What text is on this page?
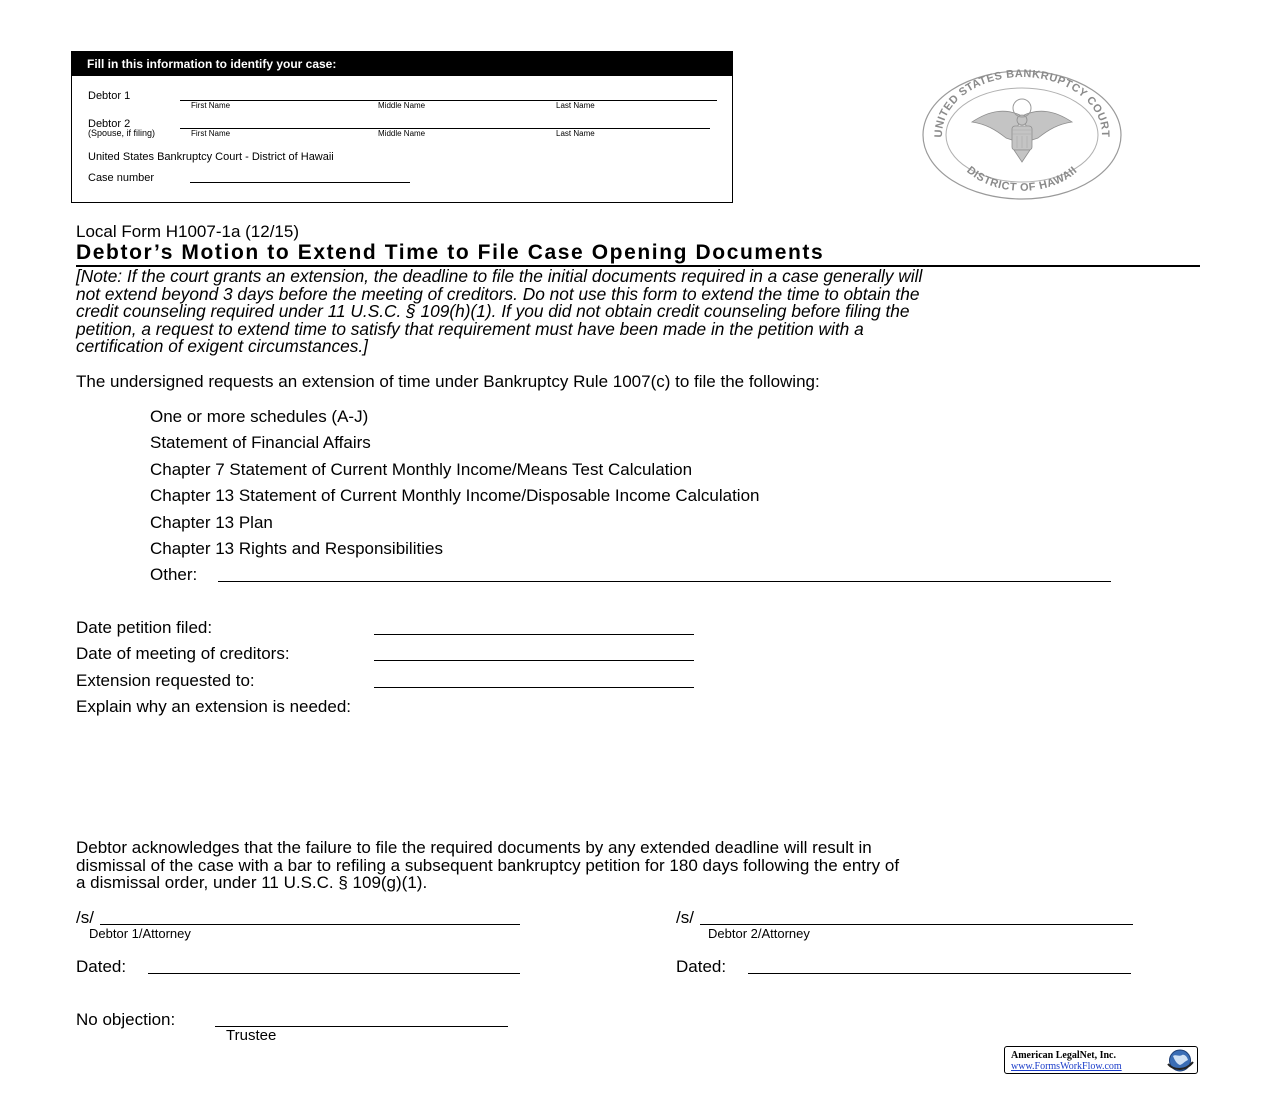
Fill in this information to identify your case:
Debtor 1
First Name	Middle Name	Last Name
Debtor 2
(Spouse, if filing)	First Name	Middle Name	Last Name
United States Bankruptcy Court - District of Hawaii
Case number
UNITED STATES BANKRUPTCY COURT
DISTRICT OF HAWAII
Local Form H1007-1a (12/15)
Debtor’s Motion to Extend Time to File Case Opening Documents
[Note: If the court grants an extension, the deadline to file the initial documents required in a case generally will
not extend beyond 3 days before the meeting of creditors. Do not use this form to extend the time to obtain the
credit counseling required under 11 U.S.C. § 109(h)(1). If you did not obtain credit counseling before filing the
petition, a request to extend time to satisfy that requirement must have been made in the petition with a
certification of exigent circumstances.]
The undersigned requests an extension of time under Bankruptcy Rule 1007(c) to file the following:
One or more schedules (A-J)
Statement of Financial Affairs
Chapter 7 Statement of Current Monthly Income/Means Test Calculation
Chapter 13 Statement of Current Monthly Income/Disposable Income Calculation
Chapter 13 Plan
Chapter 13 Rights and Responsibilities
Other:
Date petition filed:
Date of meeting of creditors:
Extension requested to:
Explain why an extension is needed:
Debtor acknowledges that the failure to file the required documents by any extended deadline will result in
dismissal of the case with a bar to refiling a subsequent bankruptcy petition for 180 days following the entry of
a dismissal order, under 11 U.S.C. § 109(g)(1).
/s/
Debtor 1/Attorney
/s/
Debtor 2/Attorney
Dated:	Dated:
No objection:
Trustee
American LegalNet, Inc.
www.FormsWorkFlow.com
